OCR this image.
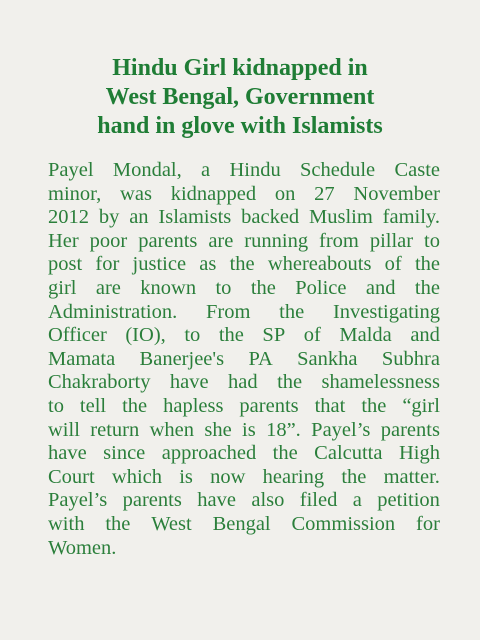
Hindu Girl kidnapped in
West Bengal, Government
hand in glove with Islamists
Payel Mondal, a Hindu Schedule Caste
minor, was kidnapped on 27 November
2012 by an Islamists backed Muslim family.
Her poor parents are running from pillar to
post for justice as the whereabouts of the
girl are known to the Police and the
Administration. From the Investigating
Officer (IO), to the SP of Malda and
Mamata Banerjee's PA Sankha Subhra
Chakraborty have had the shamelessness
to tell the hapless parents that the “girl
will return when she is 18”. Payel’s parents
have since approached the Calcutta High
Court which is now hearing the matter.
Payel’s parents have also filed a petition
with the West Bengal Commission for
Women.
